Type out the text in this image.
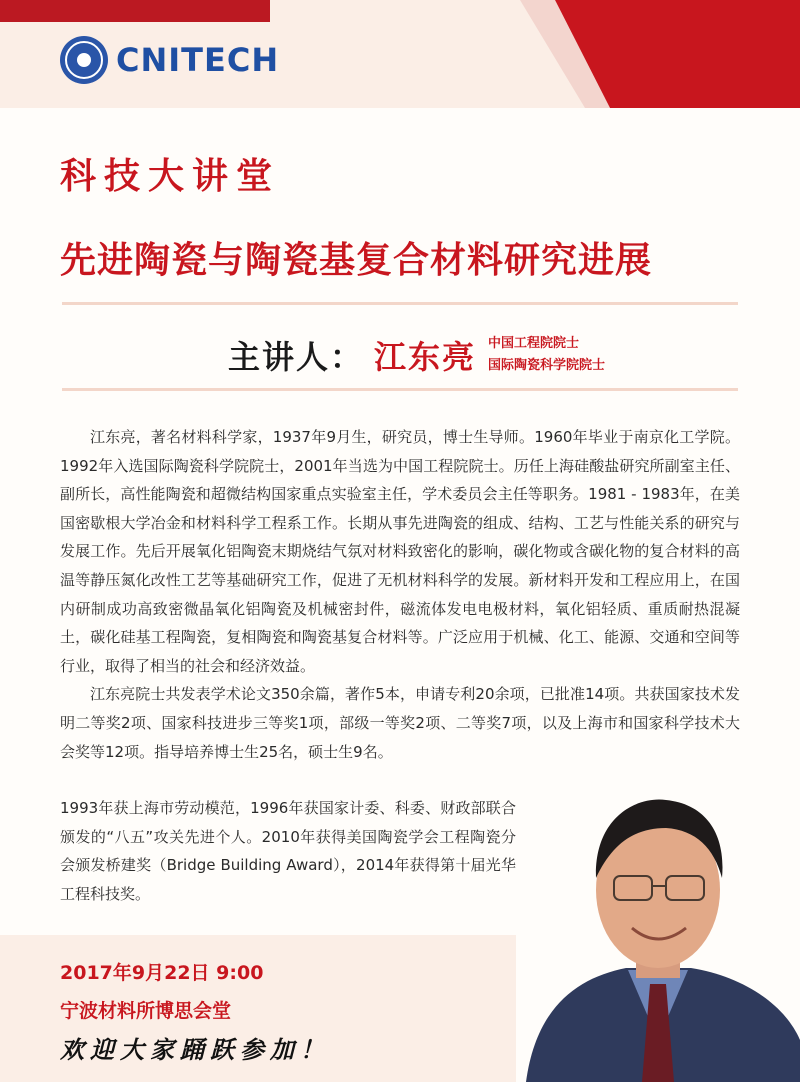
CNITECH
科技大讲堂
先进陶瓷与陶瓷基复合材料研究进展
主讲人： 江东亮 中国工程院院士
国际陶瓷科学院院士

江东亮，著名材料科学家，1937年9月生，研究员，博士生导师。1960年毕业于南京化工学院。1992年入选国际陶瓷科学院院士，2001年当选为中国工程院院士。历任上海硅酸盐研究所副室主任、副所长，高性能陶瓷和超微结构国家重点实验室主任，学术委员会主任等职务。1981 - 1983年，在美国密歇根大学冶金和材料科学工程系工作。长期从事先进陶瓷的组成、结构、工艺与性能关系的研究与发展工作。先后开展氧化铝陶瓷末期烧结气氛对材料致密化的影响，碳化物或含碳化物的复合材料的高温等静压氮化改性工艺等基础研究工作，促进了无机材料科学的发展。新材料开发和工程应用上，在国内研制成功高致密微晶氧化铝陶瓷及机械密封件，磁流体发电电极材料，氧化铝轻质、重质耐热混凝土，碳化硅基工程陶瓷，复相陶瓷和陶瓷基复合材料等。广泛应用于机械、化工、能源、交通和空间等行业，取得了相当的社会和经济效益。

江东亮院士共发表学术论文350余篇，著作5本，申请专利20余项，已批准14项。共获国家技术发明二等奖2项、国家科技进步三等奖1项，部级一等奖2项、二等奖7项，以及上海市和国家科学技术大会奖等12项。指导培养博士生25名，硕士生9名。

1993年获上海市劳动模范，1996年获国家计委、科委、财政部联合颁发的“八五”攻关先进个人。2010年获得美国陶瓷学会工程陶瓷分会颁发桥建奖（Bridge Building Award），2014年获得第十届光华工程科技奖。
2017年9月22日 9:00
宁波材料所博思会堂
欢迎大家踊跃参加！
